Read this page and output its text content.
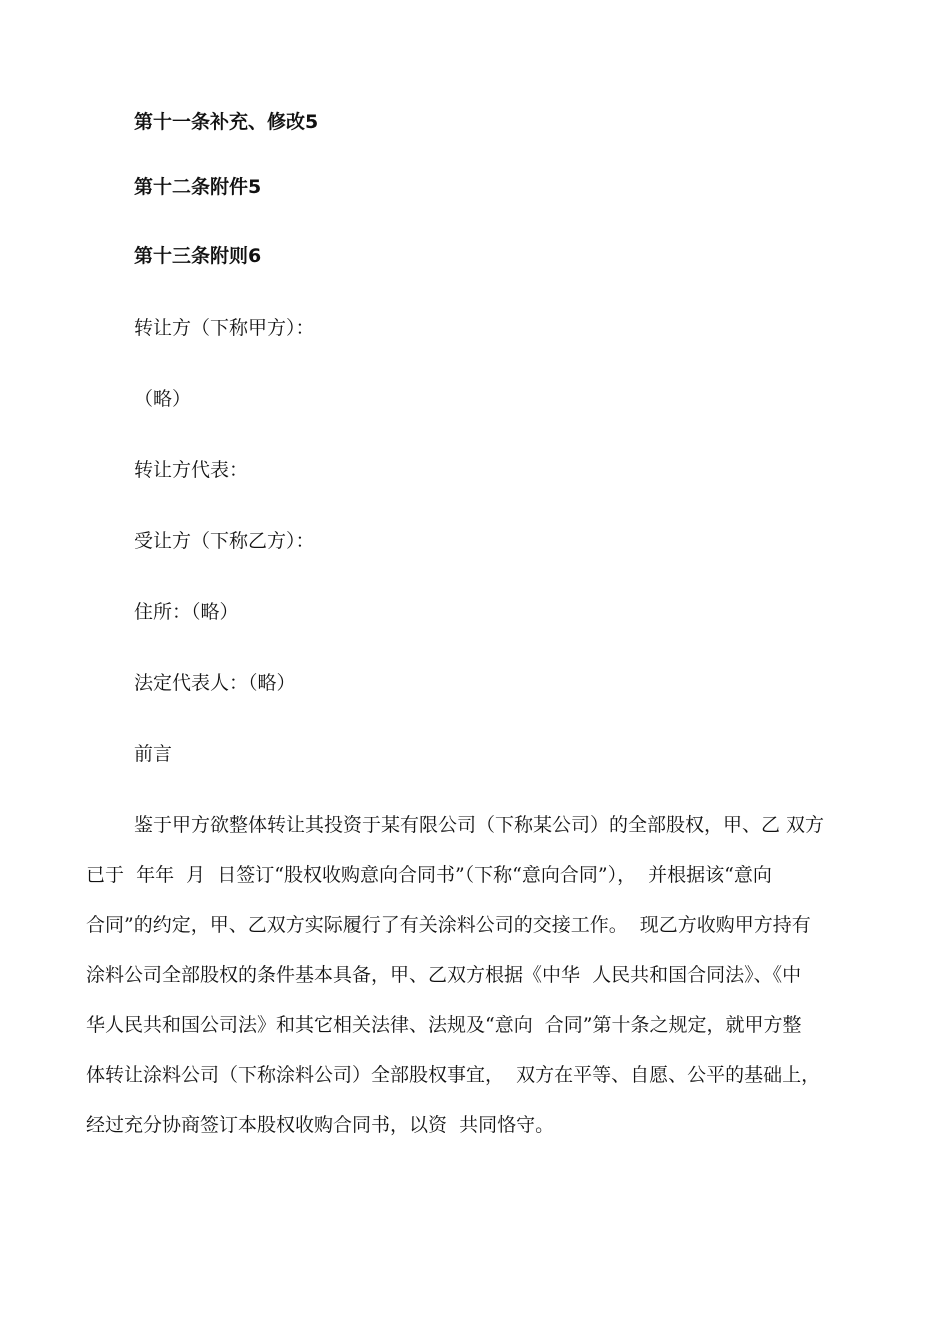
第十一条补充、修改5
第十二条附件5
第十三条附则6
转让方（下称甲方）：
（略）
转让方代表：
受让方（下称乙方）：
住所：（略）
法定代表人：（略）
前言
鉴于甲方欲整体转让其投资于某有限公司（下称某公司）的全部股权，甲、乙 双方
已于  年年  月  日签订“股权收购意向合同书”（下称“意向合同”），  并根据该“意向
合同”的约定，甲、乙双方实际履行了有关涂料公司的交接工作。  现乙方收购甲方持有
涂料公司全部股权的条件基本具备，甲、乙双方根据《中华  人民共和国合同法》、《中
华人民共和国公司法》和其它相关法律、法规及“意向  合同”第十条之规定，就甲方整
体转让涂料公司（下称涂料公司）全部股权事宜，  双方在平等、自愿、公平的基础上，
经过充分协商签订本股权收购合同书，以资  共同恪守。
